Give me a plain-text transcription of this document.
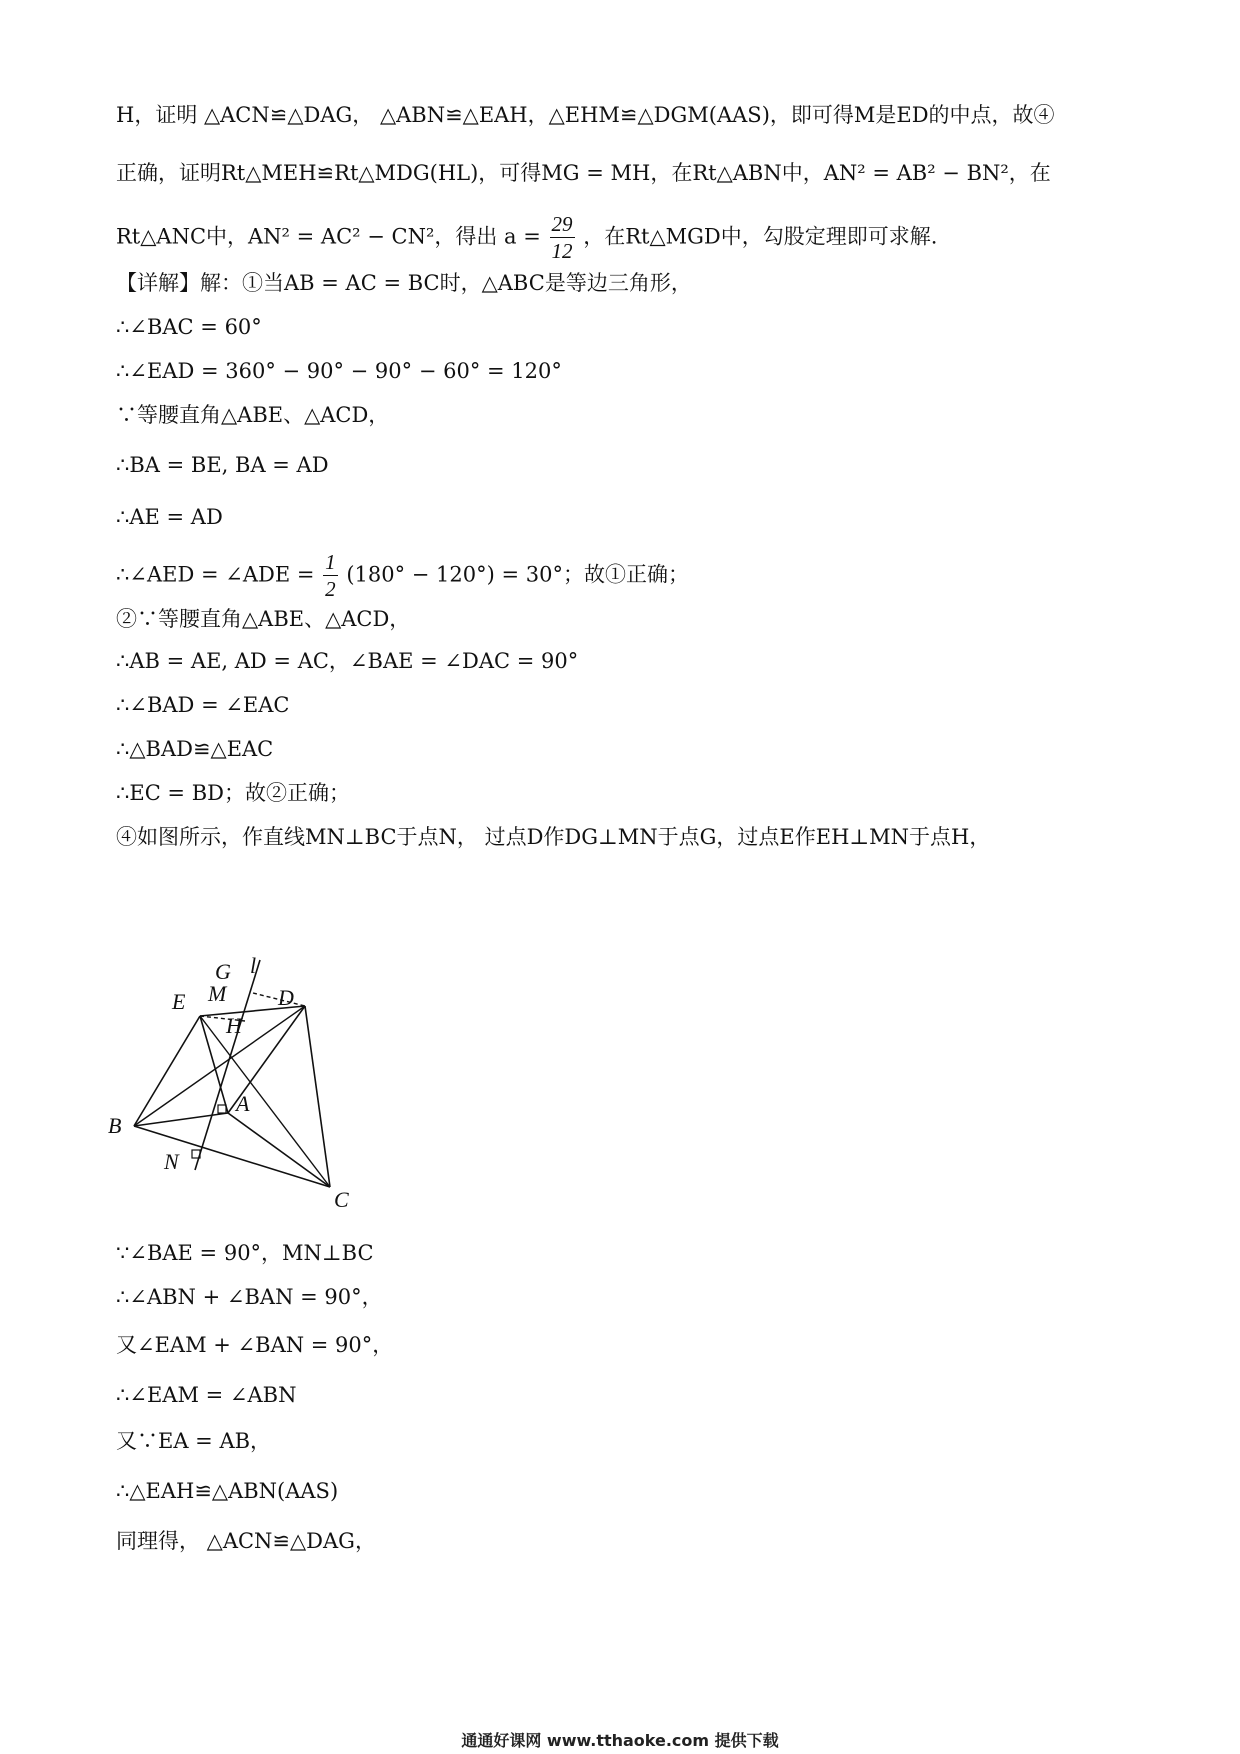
H，证明 △ACN≌△DAG， △ABN≌△EAH，△EHM≌△DGM(AAS)，即可得M是ED的中点，故④
正确，证明Rt△MEH≌Rt△MDG(HL)，可得MG = MH，在Rt△ABN中，AN² = AB² − BN²，在
Rt△ANC中，AN² = AC² − CN²，得出 $a = \frac{29}{12}$ ，在Rt△MGD中，勾股定理即可求解.
【详解】解：①当AB = AC = BC时，△ABC是等边三角形，
∴∠BAC = 60°
∴∠EAD = 360° − 90° − 90° − 60° = 120°
∵等腰直角△ABE、△ACD，
∴BA = BE, BA = AD
∴AE = AD
∴∠AED = ∠ADE = $\frac{1}{2} (180^\circ - 120^\circ) = 30^\circ$；故①正确；
②∵等腰直角△ABE、△ACD，
∴AB = AE, AD = AC，∠BAE = ∠DAC = 90°
∴∠BAD = ∠EAC
∴△BAD≌△EAC
∴EC = BD；故②正确；
④如图所示，作直线MN⊥BC于点N， 过点D作DG⊥MN于点G，过点E作EH⊥MN于点H，
G l
M D
E
H
A
B
N
C
∵∠BAE = 90°，MN⊥BC
∴∠ABN + ∠BAN = 90°，
又∠EAM + ∠BAN = 90°，
∴∠EAM = ∠ABN
又∵EA = AB，
∴△EAH≌△ABN(AAS)
同理得， △ACN≌△DAG，
通通好课网 www.tthaoke.com 提供下载
